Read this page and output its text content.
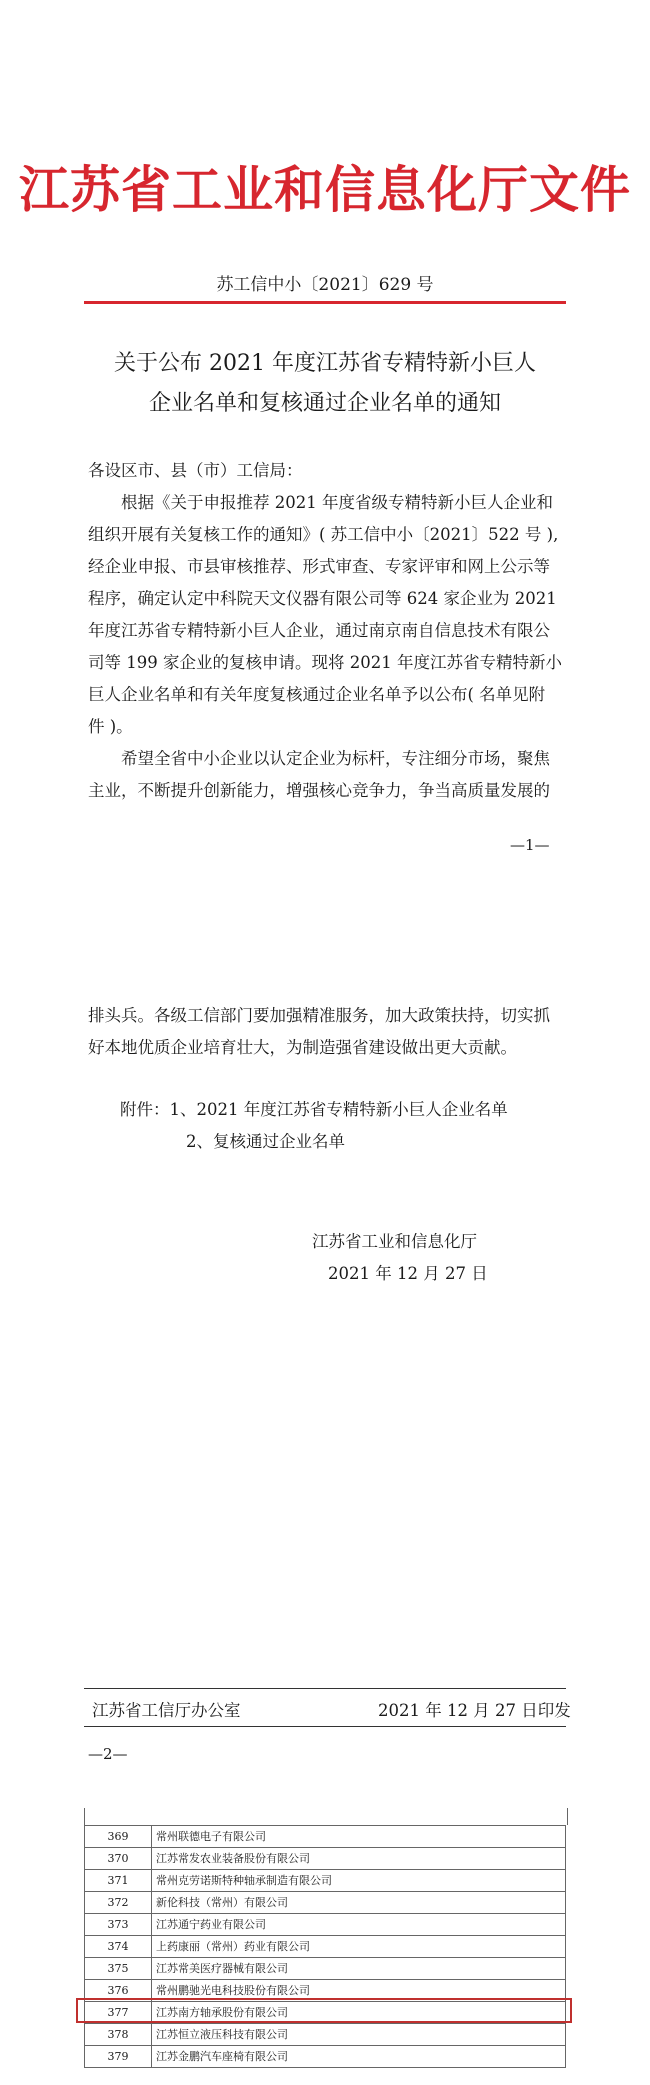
江苏省工业和信息化厅文件
苏工信中小〔2021〕629 号
关于公布 2021 年度江苏省专精特新小巨人
企业名单和复核通过企业名单的通知
各设区市、县（市）工信局：
根据《关于申报推荐 2021 年度省级专精特新小巨人企业和
组织开展有关复核工作的通知》( 苏工信中小〔2021〕522 号 ),
经企业申报、市县审核推荐、形式审查、专家评审和网上公示等
程序，确定认定中科院天文仪器有限公司等 624 家企业为 2021
年度江苏省专精特新小巨人企业，通过南京南自信息技术有限公
司等 199 家企业的复核申请。现将 2021 年度江苏省专精特新小
巨人企业名单和有关年度复核通过企业名单予以公布( 名单见附
件 )。
希望全省中小企业以认定企业为标杆，专注细分市场，聚焦
主业，不断提升创新能力，增强核心竞争力，争当高质量发展的
—1—
排头兵。各级工信部门要加强精准服务，加大政策扶持，切实抓
好本地优质企业培育壮大，为制造强省建设做出更大贡献。
附件：1、2021 年度江苏省专精特新小巨人企业名单
2、复核通过企业名单
江苏省工业和信息化厅
2021 年 12 月 27 日
江苏省工信厅办公室	2021 年 12 月 27 日印发
—2—
369	常州联德电子有限公司
370	江苏常发农业装备股份有限公司
371	常州克劳诺斯特种轴承制造有限公司
372	新伦科技（常州）有限公司
373	江苏通宁药业有限公司
374	上药康丽（常州）药业有限公司
375	江苏常美医疗器械有限公司
376	常州鹏驰光电科技股份有限公司
377	江苏南方轴承股份有限公司
378	江苏恒立液压科技有限公司
379	江苏金鹏汽车座椅有限公司
